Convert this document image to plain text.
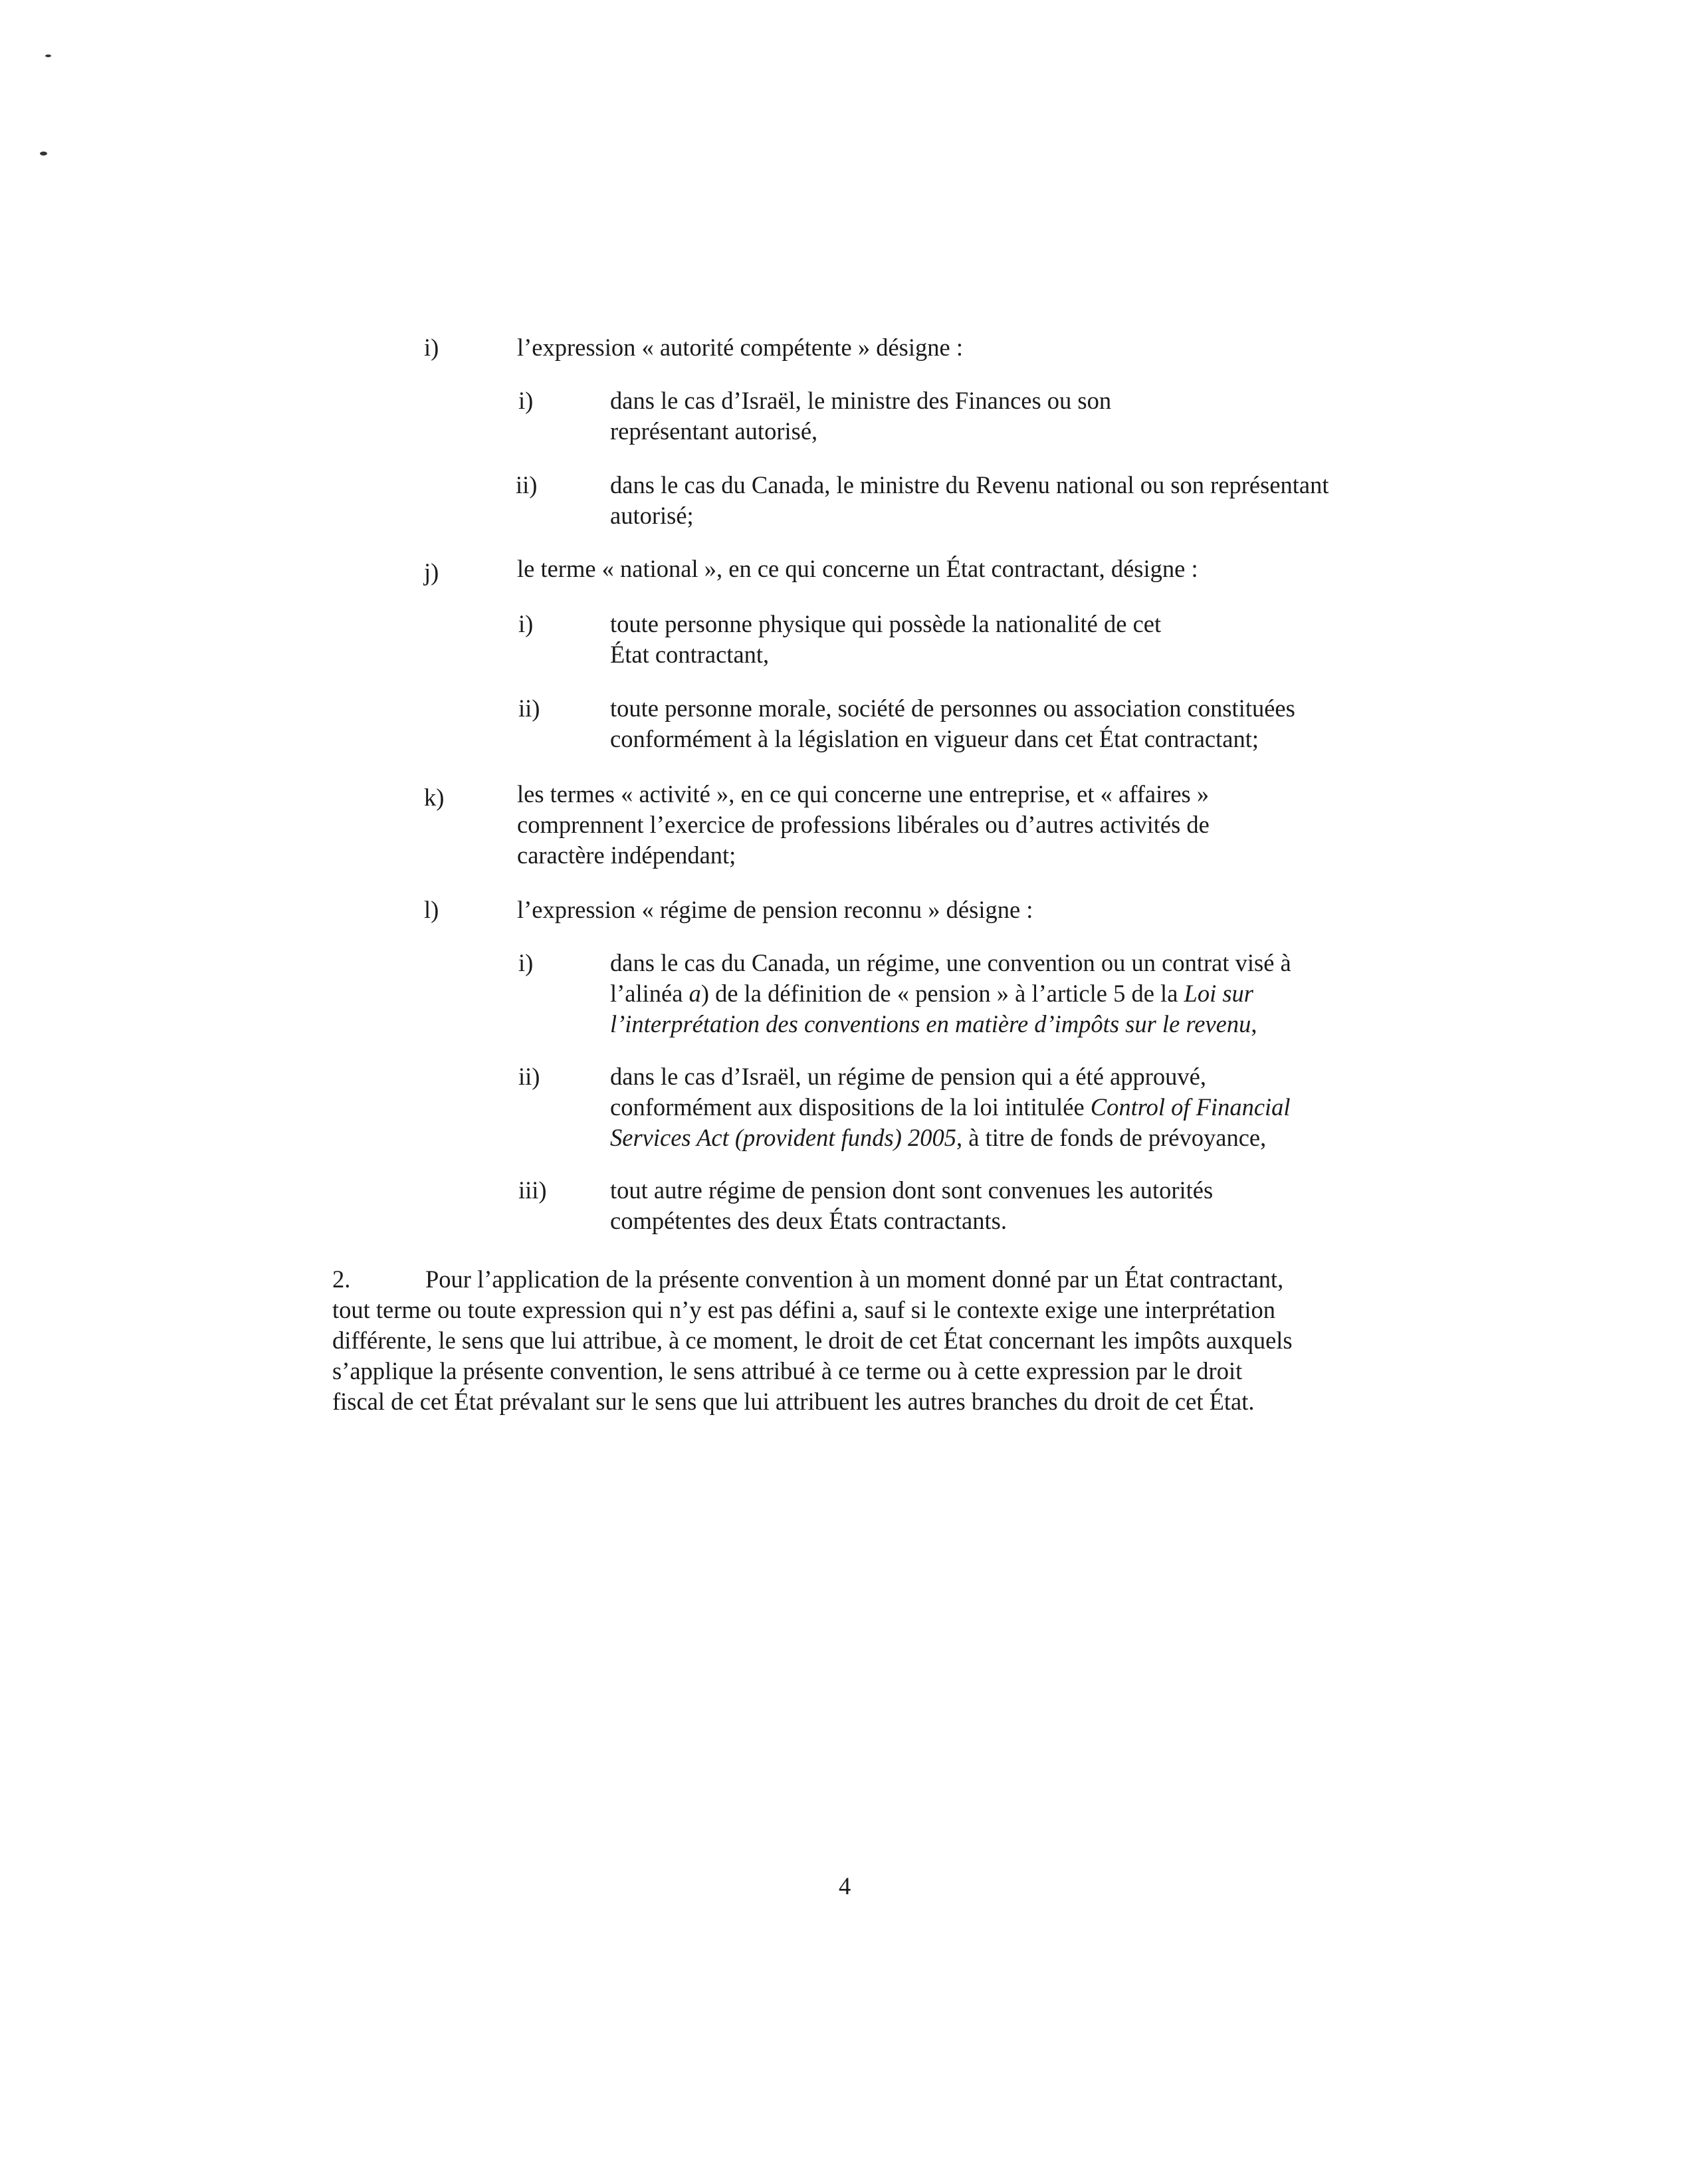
i)	l’expression « autorité compétente » désigne :
i)	dans le cas d’Israël, le ministre des Finances ou son

représentant autorisé,

ii)	dans le cas du Canada, le ministre du Revenu national ou son représentant

autorisé;

j)	le terme « national », en ce qui concerne un État contractant, désigne :
i)	toute personne physique qui possède la nationalité de cet

État contractant,

ii)	toute personne morale, société de personnes ou association constituées

conformément à la législation en vigueur dans cet État contractant;

k)	les termes « activité », en ce qui concerne une entreprise, et « affaires »

comprennent l’exercice de professions libérales ou d’autres activités de

caractère indépendant;

l)	l’expression « régime de pension reconnu » désigne :
i)	dans le cas du Canada, un régime, une convention ou un contrat visé à

l’alinéa a) de la définition de « pension » à l’article 5 de la Loi sur

l’interprétation des conventions en matière d’impôts sur le revenu,

ii)	dans le cas d’Israël, un régime de pension qui a été approuvé,

conformément aux dispositions de la loi intitulée Control of Financial

Services Act (provident funds) 2005, à titre de fonds de prévoyance,

iii)	tout autre régime de pension dont sont convenues les autorités

compétentes des deux États contractants.

2.	Pour l’application de la présente convention à un moment donné par un État contractant,

tout terme ou toute expression qui n’y est pas défini a, sauf si le contexte exige une interprétation

différente, le sens que lui attribue, à ce moment, le droit de cet État concernant les impôts auxquels

s’applique la présente convention, le sens attribué à ce terme ou à cette expression par le droit

fiscal de cet État prévalant sur le sens que lui attribuent les autres branches du droit de cet État.

4
